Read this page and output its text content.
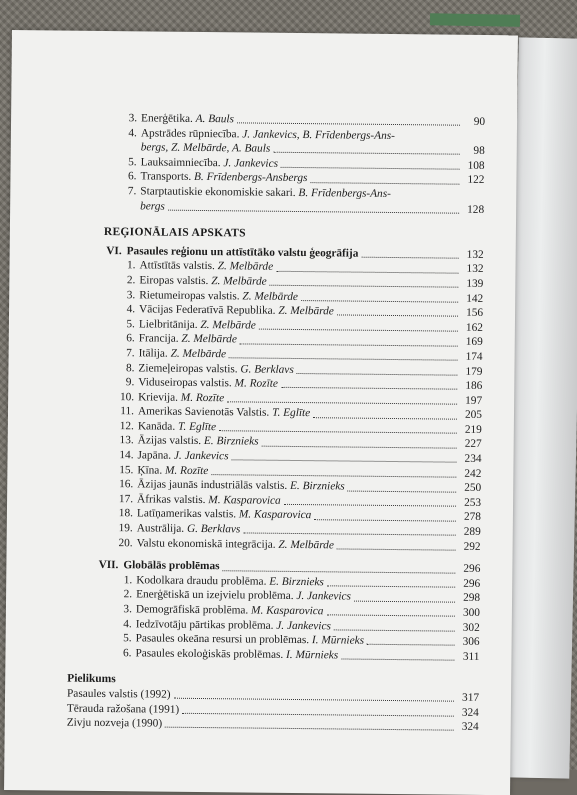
3. Enerģētika. A. Bauls	90
4. Apstrādes rūpniecība. J. Jankevics, B. Frīdenbergs-Ans-
bergs, Z. Melbārde, A. Bauls	98
5. Lauksaimniecība. J. Jankevics	108
6. Transports. B. Frīdenbergs-Ansbergs	122
7. Starptautiskie ekonomiskie sakari. B. Frīdenbergs-Ans-
bergs	128
REĢIONĀLAIS APSKATS
VI. Pasaules reģionu un attīstītāko valstu ģeogrāfija	132
1. Attīstītās valstis. Z. Melbārde	132
2. Eiropas valstis. Z. Melbārde	139
3. Rietumeiropas valstis. Z. Melbārde	142
4. Vācijas Federatīvā Republika. Z. Melbārde	156
5. Lielbritānija. Z. Melbārde	162
6. Francija. Z. Melbārde	169
7. Itālija. Z. Melbārde	174
8. Ziemeļeiropas valstis. G. Berklavs	179
9. Viduseiropas valstis. M. Rozīte	186
10. Krievija. M. Rozīte	197
11. Amerikas Savienotās Valstis. T. Eglīte	205
12. Kanāda. T. Eglīte	219
13. Āzijas valstis. E. Birznieks	227
14. Japāna. J. Jankevics	234
15. Ķīna. M. Rozīte	242
16. Āzijas jaunās industriālās valstis. E. Birznieks	250
17. Āfrikas valstis. M. Kasparovica	253
18. Latīņamerikas valstis. M. Kasparovica	278
19. Austrālija. G. Berklavs	289
20. Valstu ekonomiskā integrācija. Z. Melbārde	292
VII. Globālās problēmas	296
1. Kodolkara draudu problēma. E. Birznieks	296
2. Enerģētiskā un izejvielu problēma. J. Jankevics	298
3. Demogrāfiskā problēma. M. Kasparovica	300
4. Iedzīvotāju pārtikas problēma. J. Jankevics	302
5. Pasaules okeāna resursi un problēmas. I. Mūrnieks	306
6. Pasaules ekoloģiskās problēmas. I. Mūrnieks	311
Pielikums
Pasaules valstis (1992)	317
Tērauda ražošana (1991)	324
Zivju nozveja (1990)	324
